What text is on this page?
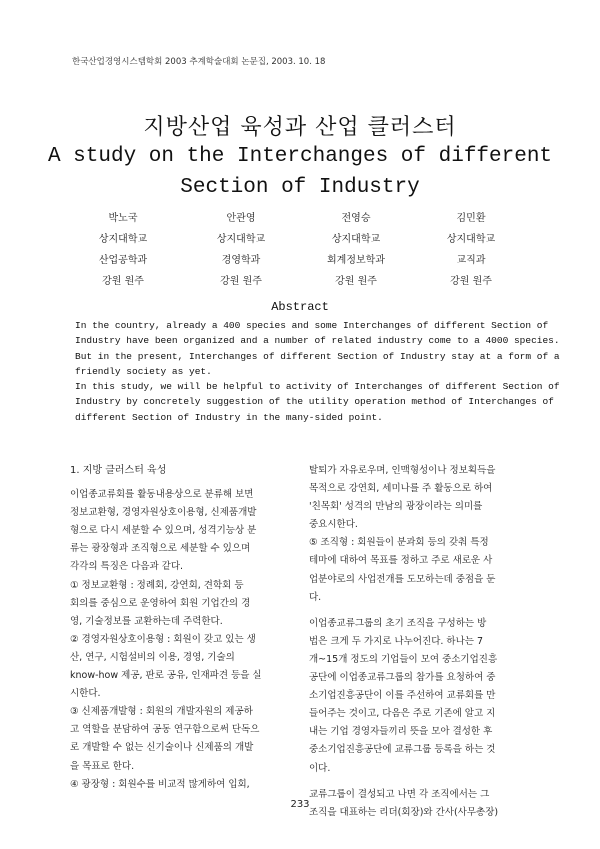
한국산업경영시스템학회 2003 추계학술대회 논문집, 2003. 10. 18
지방산업 육성과 산업 클러스터
A study on the Interchanges of different
Section of Industry
박노국
상지대학교
산업공학과
강원 원주
안관영
상지대학교
경영학과
강원 원주
전영승
상지대학교
회계정보학과
강원 원주
김민환
상지대학교
교직과
강원 원주
Abstract
In the country, already a 400 species and some Interchanges of different Section of
Industry have been organized and a number of related industry come to a 4000 species.
But in the present, Interchanges of different Section of Industry stay at a form of a
friendly society as yet.
In this study, we will be helpful to activity of Interchanges of different Section of
Industry by concretely suggestion of the utility operation method of Interchanges of
different Section of Industry in the many-sided point.
1. 지방 클러스터 육성
이업종교류회를 활동내용상으로 분류해 보면
정보교환형, 경영자원상호이용형, 신제품개발
형으로 다시 세분할 수 있으며, 성격기능상 분
류는 광장형과 조직형으로 세분할 수 있으며
각각의 특징은 다음과 같다.
① 정보교환형 : 정례회, 강연회, 견학회 등
회의를 중심으로 운영하여 회원 기업간의 경
영, 기술정보를 교환하는데 주력한다.
② 경영자원상호이용형 : 회원이 갖고 있는 생
산, 연구, 시험설비의 이용, 경영, 기술의
know-how 제공, 판로 공유, 인재파견 등을 실
시한다.
③ 신제품개발형 : 회원의 개발자원의 제공하
고 역할을 분담하여 공동 연구함으로써 단독으
로 개발할 수 없는 신기술이나 신제품의 개발
을 목표로 한다.
④ 광장형 : 회원수를 비교적 많게하여 입회,
탈퇴가 자유로우며, 인맥형성이나 정보획득을
목적으로 강연회, 세미나를 주 활동으로 하여
'친목회' 성격의 만남의 광장이라는 의미를
중요시한다.
⑤ 조직형 : 회원들이 분과회 등의 갖춰 특정
테마에 대하여 목표를 정하고 주로 새로운 사
업분야로의 사업전개를 도모하는데 중점을 둔
다.
이업종교류그룹의 초기 조직을 구성하는 방
법은 크게 두 가지로 나누어진다. 하나는 7
개~15개 정도의 기업들이 모여 중소기업진흥
공단에 이업종교류그룹의 참가를 요청하여 중
소기업진흥공단이 이를 주선하여 교류회를 만
들어주는 것이고, 다음은 주로 기존에 알고 지
내는 기업 경영자들끼리 뜻을 모아 결성한 후
중소기업진흥공단에 교류그룹 등록을 하는 것
이다.
교류그룹이 결성되고 나면 각 조직에서는 그
조직을 대표하는 리더(회장)와 간사(사무총장)
233
